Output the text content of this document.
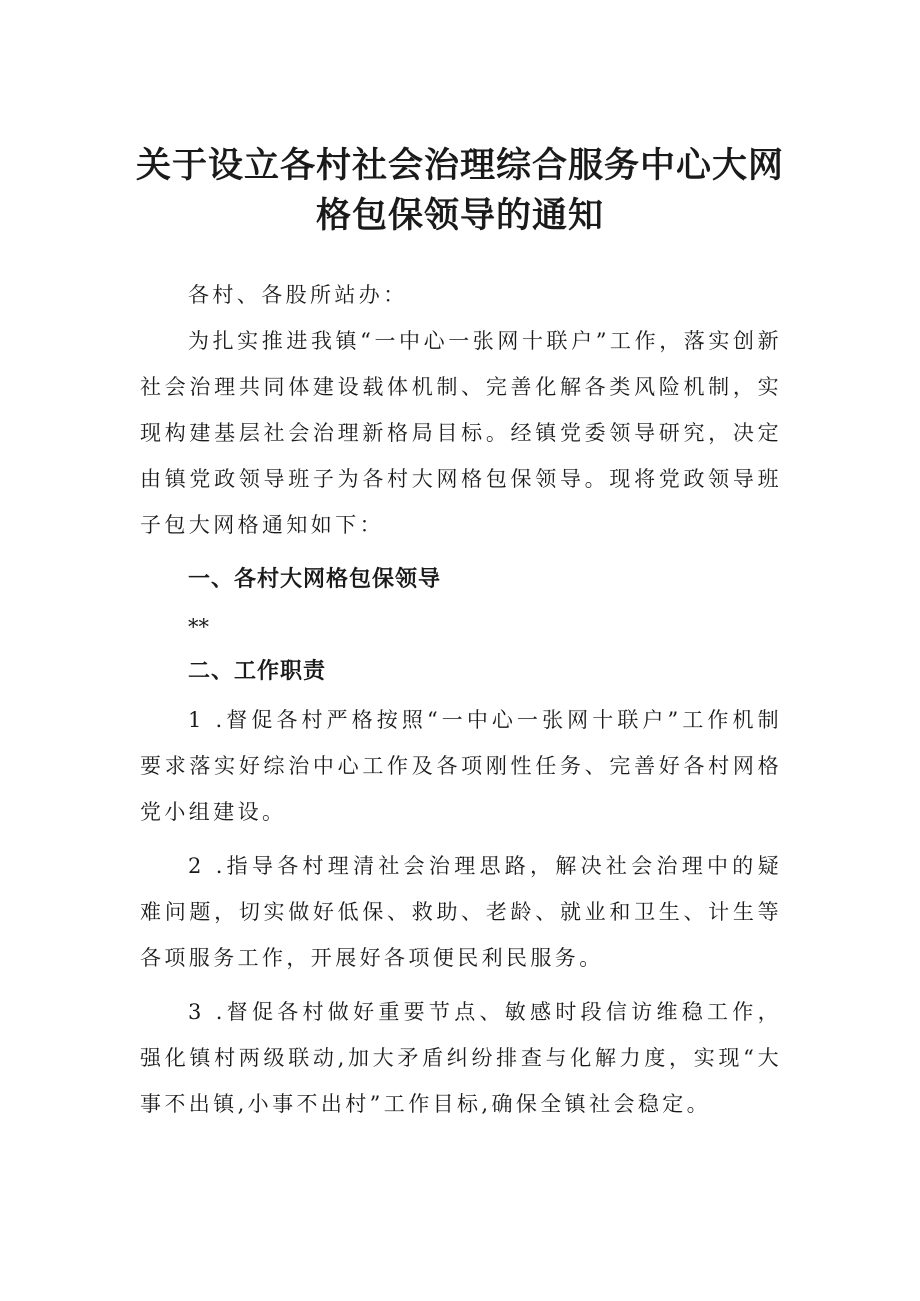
关于设立各村社会治理综合服务中心大网
格包保领导的通知

各村、各股所站办：

为扎实推进我镇“一中心一张网十联户”工作，落实创新社会治理共同体建设载体机制、完善化解各类风险机制，实现构建基层社会治理新格局目标。经镇党委领导研究，决定由镇党政领导班子为各村大网格包保领导。现将党政领导班子包大网格通知如下：

一、各村大网格包保领导

**

二、工作职责

1 .督促各村严格按照“一中心一张网十联户”工作机制要求落实好综治中心工作及各项刚性任务、完善好各村网格党小组建设。

2 .指导各村理清社会治理思路，解决社会治理中的疑难问题，切实做好低保、救助、老龄、就业和卫生、计生等各项服务工作，开展好各项便民利民服务。

3 .督促各村做好重要节点、敏感时段信访维稳工作，强化镇村两级联动,加大矛盾纠纷排查与化解力度，实现“大事不出镇,小事不出村”工作目标,确保全镇社会稳定。
